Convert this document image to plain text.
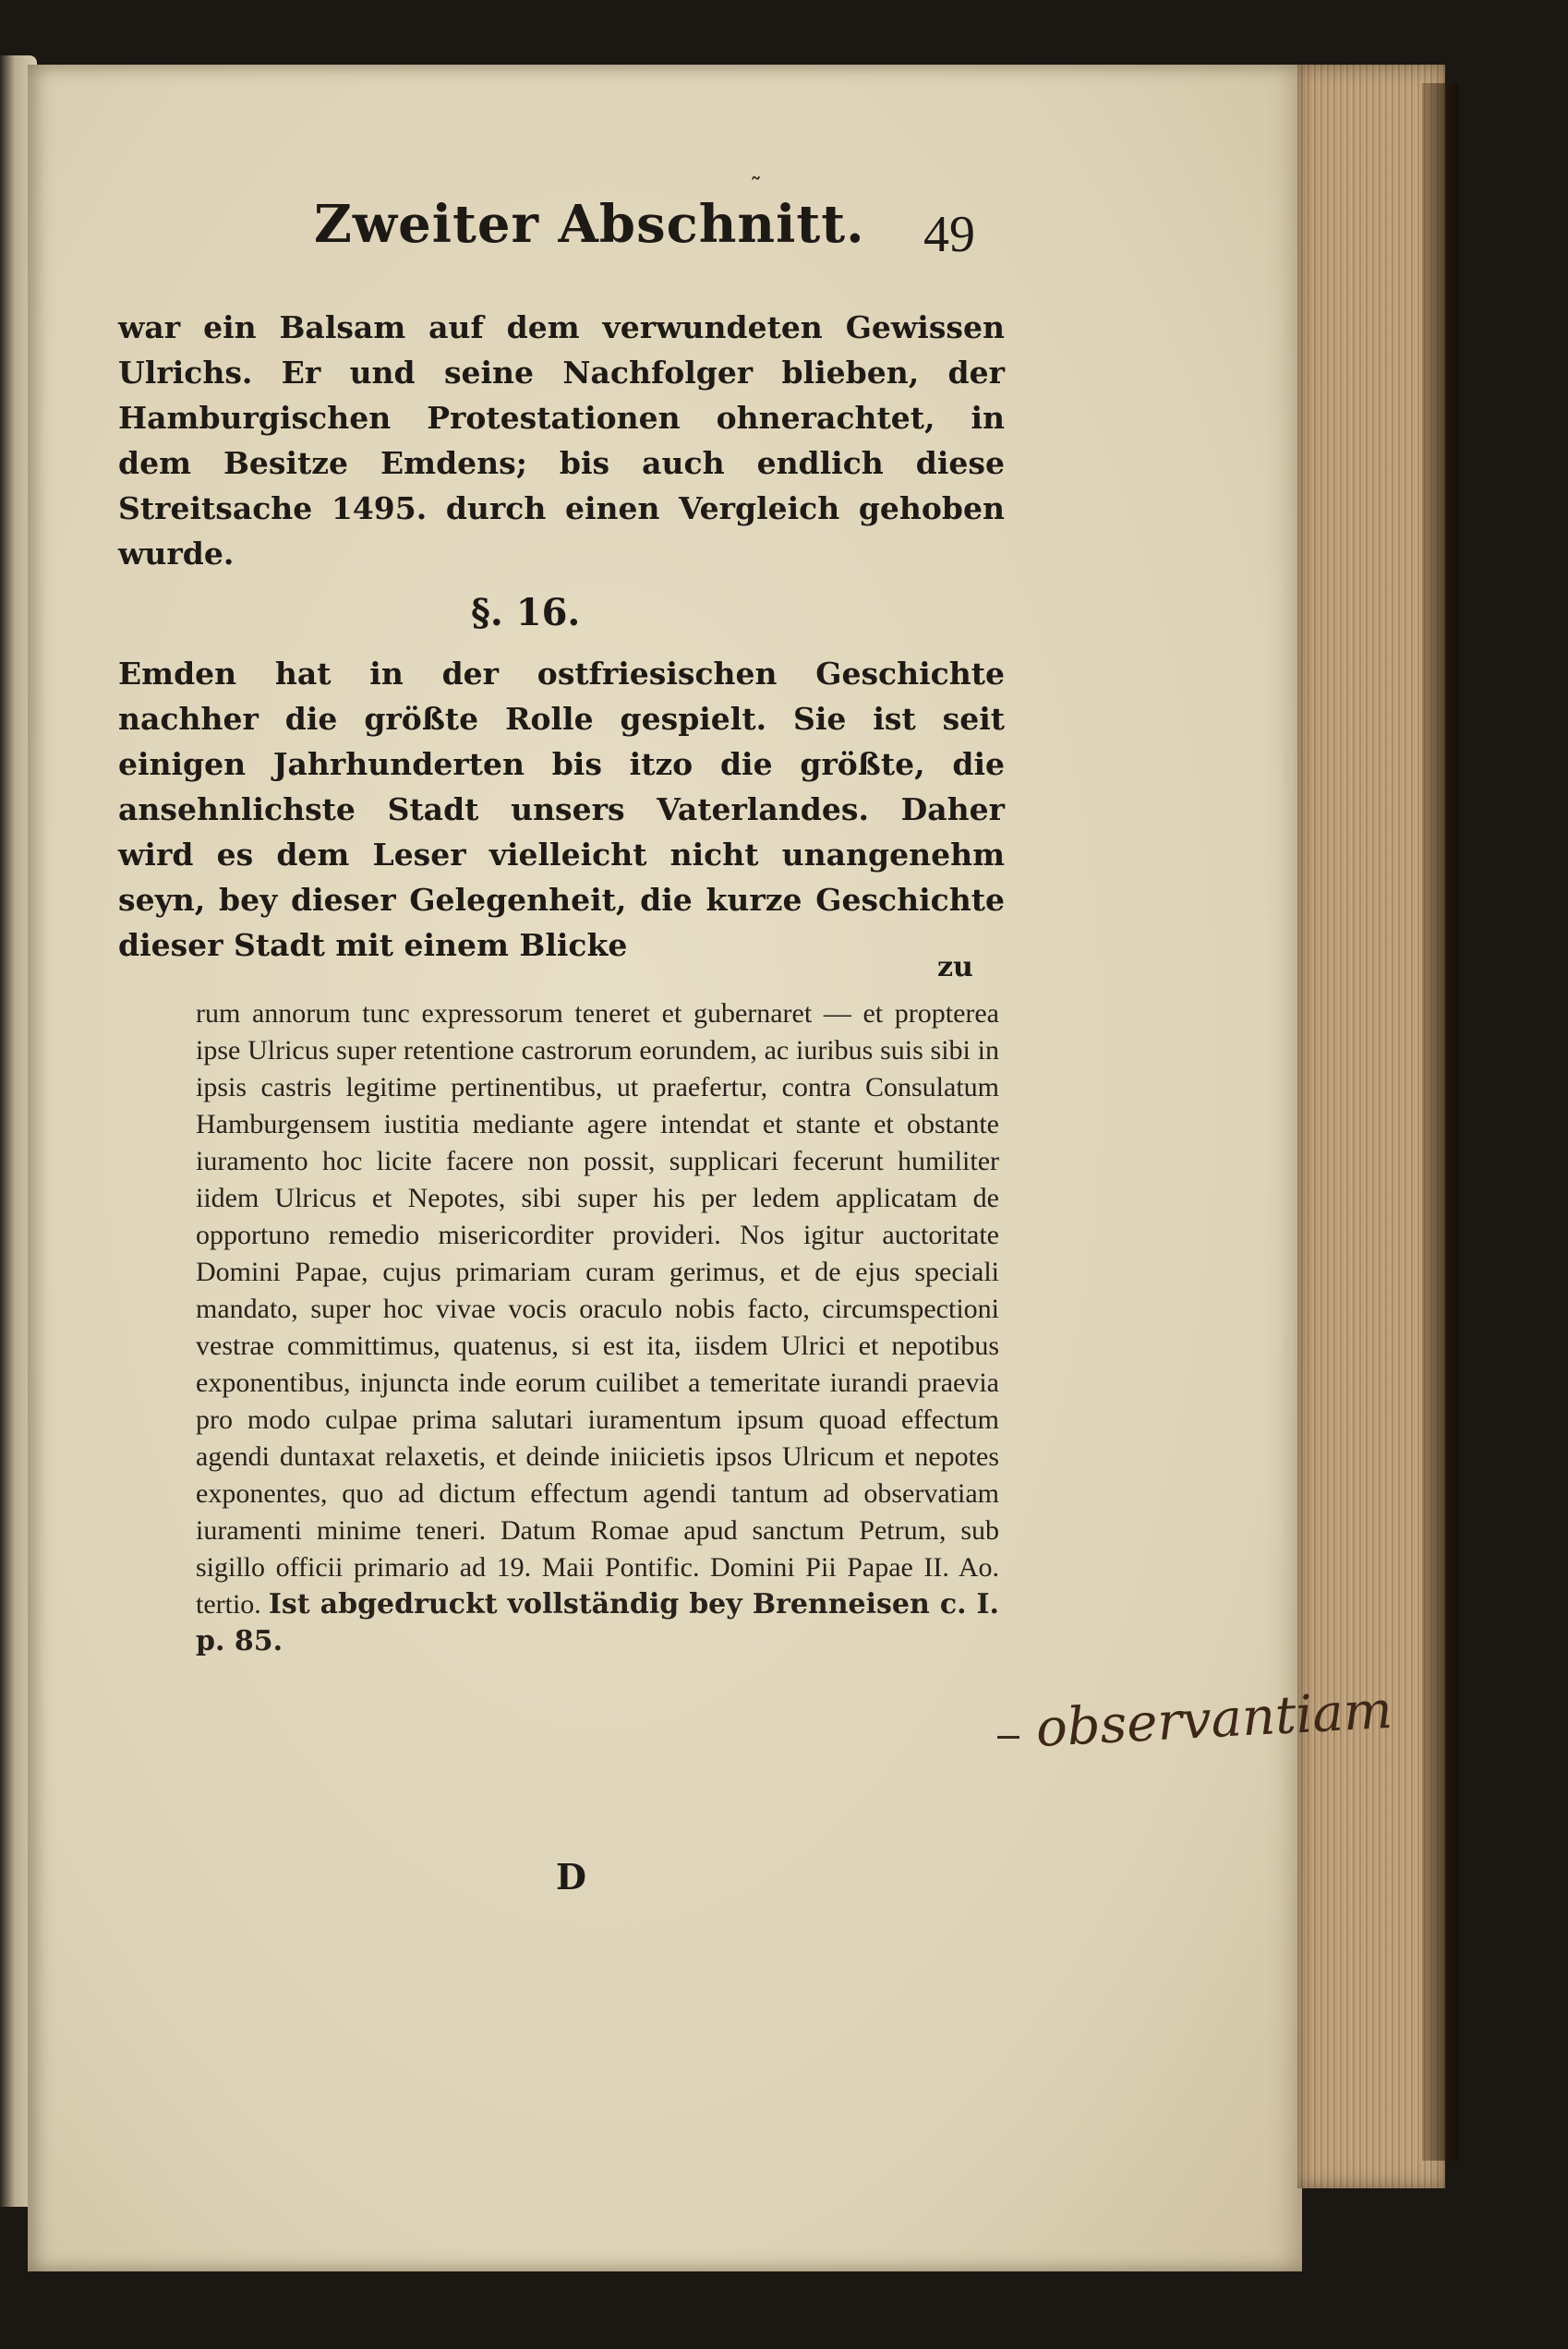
˜
Zweiter Abschnitt.	49

war ein Balsam auf dem verwundeten Gewissen Ulrichs. Er und seine Nachfolger blieben, der Hamburgischen Protestationen ohnerachtet, in dem Besitze Emdens; bis auch endlich diese Streitsache 1495. durch einen Vergleich gehoben wurde.

§. 16.

Emden hat in der ostfriesischen Geschichte nachher die größte Rolle gespielt. Sie ist seit einigen Jahrhunderten bis itzo die größte, die ansehnlichste Stadt unsers Vaterlandes. Daher wird es dem Leser vielleicht nicht unangenehm seyn, bey dieser Gelegenheit, die kurze Geschichte dieser Stadt mit einem Blicke

zu
rum annorum tunc expressorum teneret et gubernaret — et propterea ipse Ulricus super retentione castrorum eorundem, ac iuribus suis sibi in ipsis castris legitime pertinentibus, ut praefertur, contra Consulatum Hamburgensem iustitia mediante agere intendat et stante et obstante iuramento hoc licite facere non possit, supplicari fecerunt humiliter iidem Ulricus et Nepotes, sibi super his per ledem applicatam de opportuno remedio misericorditer provideri. Nos igitur auctoritate Domini Papae, cujus primariam curam gerimus, et de ejus speciali mandato, super hoc vivae vocis oraculo nobis facto, circumspectioni vestrae committimus, quatenus, si est ita, iisdem Ulrici et nepotibus exponentibus, injuncta inde eorum cuilibet a temeritate iurandi praevia pro modo culpae prima salutari iuramentum ipsum quoad effectum agendi duntaxat relaxetis, et deinde iniicietis ipsos Ulricum et nepotes exponentes, quo ad dictum effectum agendi tantum ad observatiam iuramenti minime teneri. Datum Romae apud sanctum Petrum, sub sigillo officii primario ad 19. Maii Pontific. Domini Pii Papae II. Ao. tertio. Ist abgedruckt vollständig bey Brenneisen c. I. p. 85.
D
observantiam
